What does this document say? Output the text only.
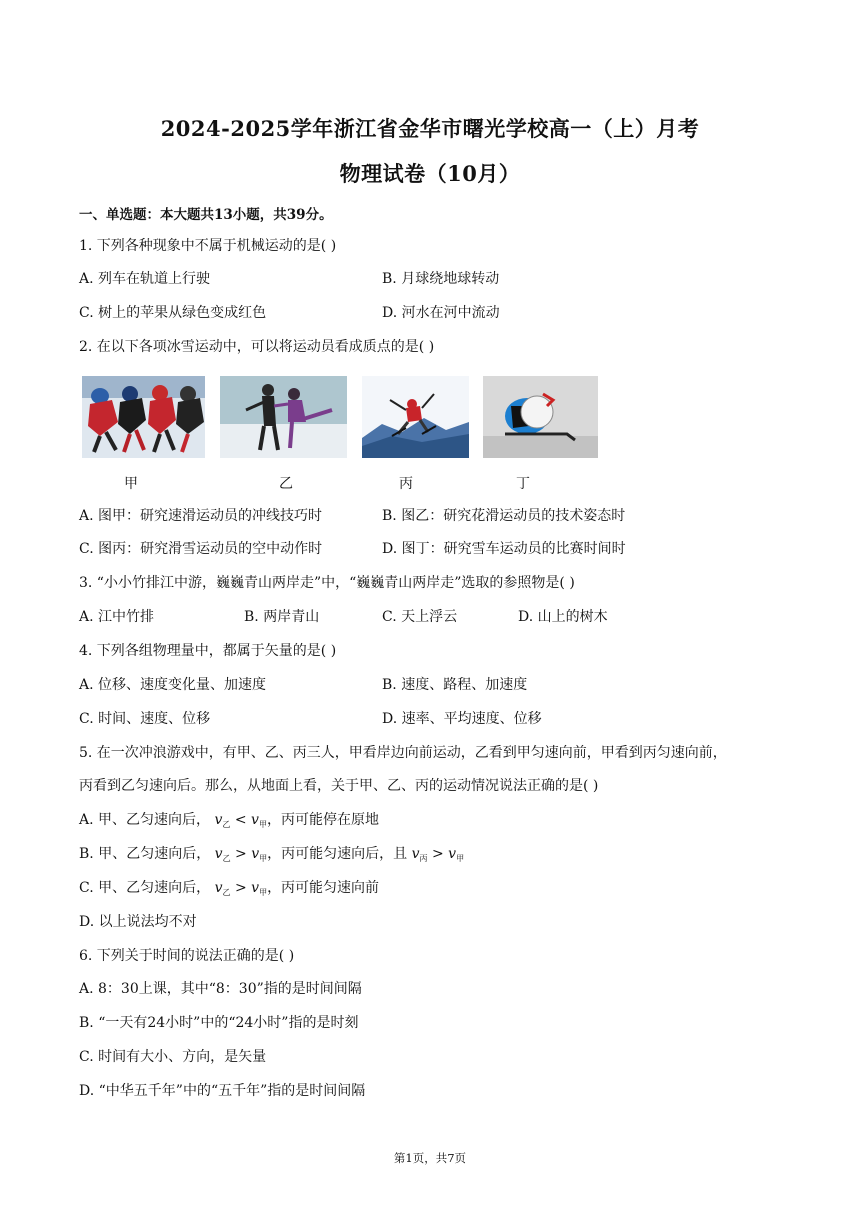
2024-2025学年浙江省金华市曙光学校高一（上）月考
物理试卷（10月）
一、单选题：本大题共13小题，共39分。
1. 下列各种现象中不属于机械运动的是( )
A. 列车在轨道上行驶	B. 月球绕地球转动
C. 树上的苹果从绿色变成红色	D. 河水在河中流动
2. 在以下各项冰雪运动中，可以将运动员看成质点的是( )
甲	乙	丙	丁
A. 图甲：研究速滑运动员的冲线技巧时	B. 图乙：研究花滑运动员的技术姿态时
C. 图丙：研究滑雪运动员的空中动作时	D. 图丁：研究雪车运动员的比赛时间时
3. “小小竹排江中游，巍巍青山两岸走”中，“巍巍青山两岸走”选取的参照物是( )
A. 江中竹排	B. 两岸青山	C. 天上浮云	D. 山上的树木
4. 下列各组物理量中，都属于矢量的是( )
A. 位移、速度变化量、加速度	B. 速度、路程、加速度
C. 时间、速度、位移	D. 速率、平均速度、位移
5. 在一次冲浪游戏中，有甲、乙、丙三人，甲看岸边向前运动，乙看到甲匀速向前，甲看到丙匀速向前，
丙看到乙匀速向后。那么，从地面上看，关于甲、乙、丙的运动情况说法正确的是( )
A. 甲、乙匀速向后， $v_乙 < v_甲$，丙可能停在原地
B. 甲、乙匀速向后， $v_乙 > v_甲$，丙可能匀速向后，且 $v_丙 > v_甲$
C. 甲、乙匀速向后， $v_乙 > v_甲$，丙可能匀速向前
D. 以上说法均不对
6. 下列关于时间的说法正确的是( )
A. 8：30上课，其中“8：30”指的是时间间隔
B. “一天有24小时”中的“24小时”指的是时刻
C. 时间有大小、方向，是矢量
D. “中华五千年”中的“五千年”指的是时间间隔
第1页，共7页
